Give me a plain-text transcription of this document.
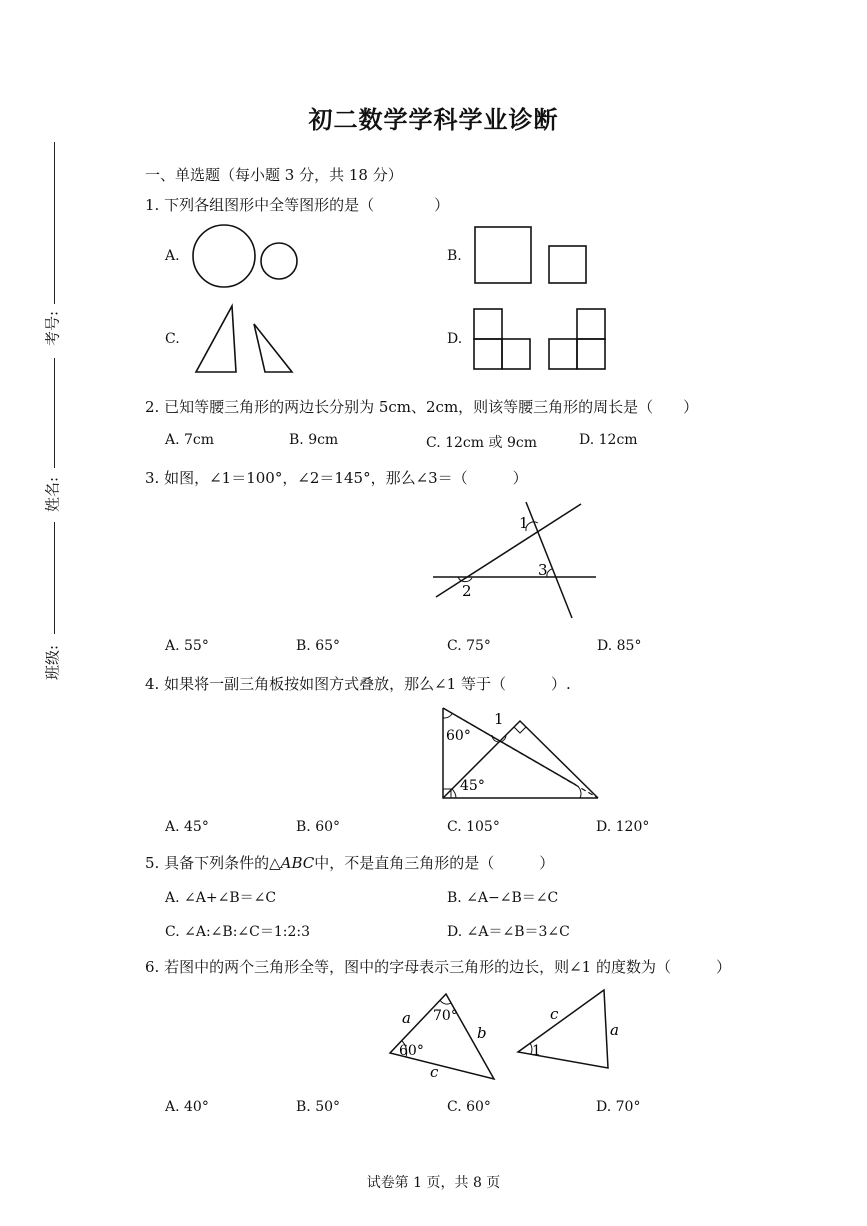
初二数学学科学业诊断
考号:
姓名:
班级:
一、单选题（每小题 3 分，共 18 分）
1. 下列各组图形中全等图形的是（　　　　）
A.	B.
C.	D.
2. 已知等腰三角形的两边长分别为 5cm、2cm，则该等腰三角形的周长是（　　）
A. 7cm	B. 9cm	C. 12cm 或 9cm	D. 12cm
3. 如图，∠1＝100°，∠2＝145°，那么∠3＝（　　　）
1
2
3
A. 55°	B. 65°	C. 75°	D. 85°
4. 如果将一副三角板按如图方式叠放，那么∠1 等于（　　　）.
60°
45°
1
A. 45°	B. 60°	C. 105°	D. 120°
5. 具备下列条件的△ABC中，不是直角三角形的是（　　　）
A. ∠A+∠B＝∠C	B. ∠A−∠B＝∠C
C. ∠A:∠B:∠C＝1:2:3	D. ∠A＝∠B＝3∠C
6. 若图中的两个三角形全等，图中的字母表示三角形的边长，则∠1 的度数为（　　　）
a
b
c
70°
60°
c
a
1
A. 40°	B. 50°	C. 60°	D. 70°
试卷第 1 页，共 8 页
